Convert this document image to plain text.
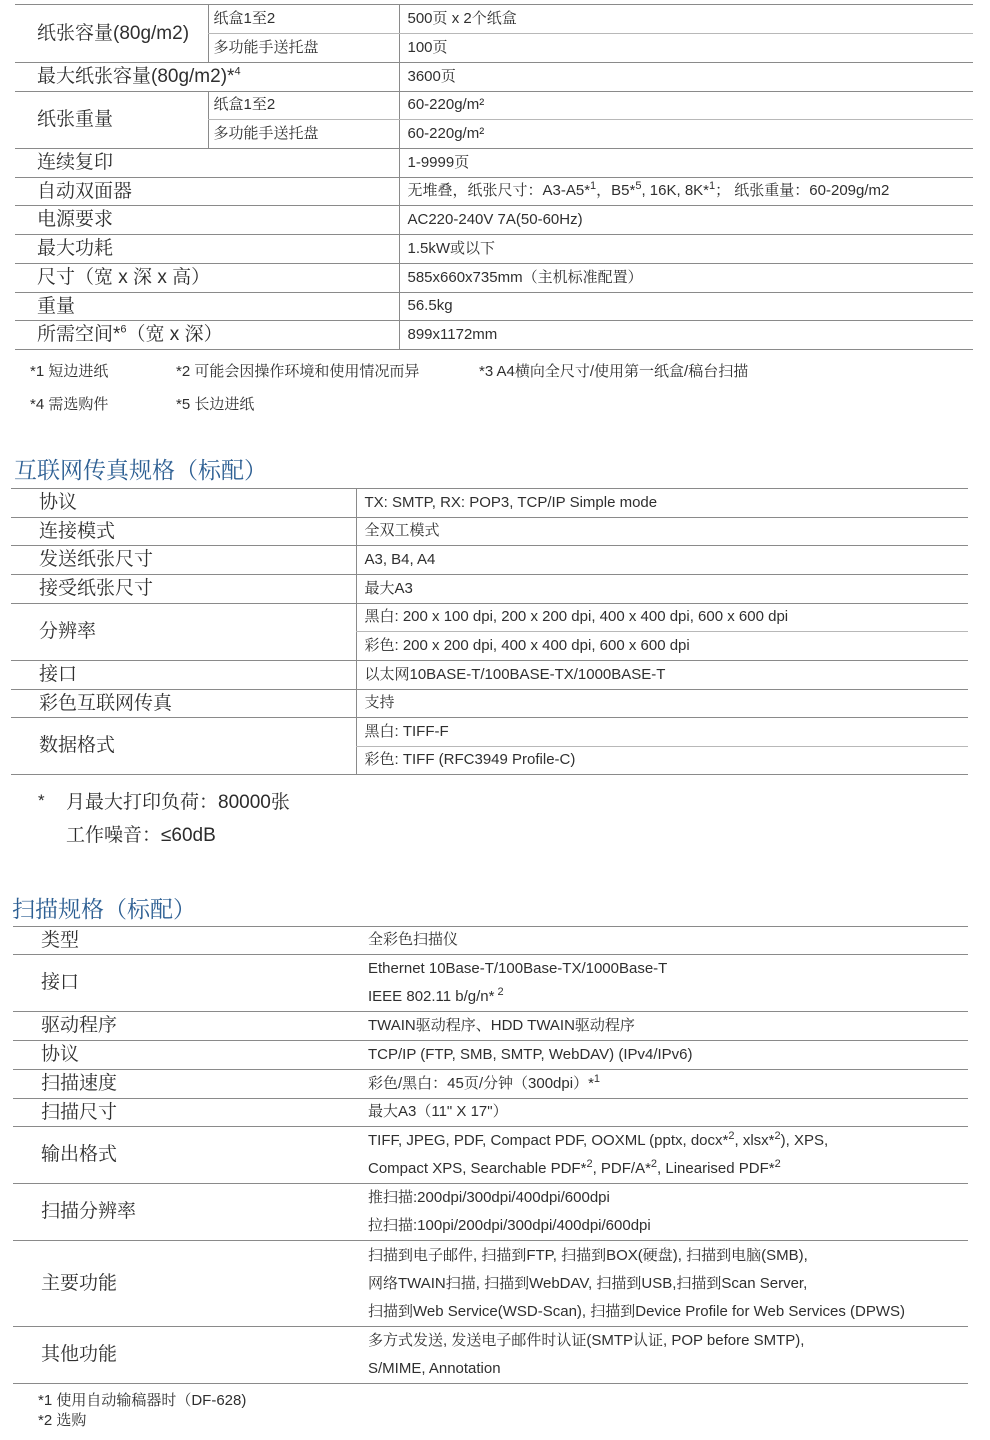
纸张容量(80g/m2)	纸盒1至2	500页 x 2个纸盒
	多功能手送托盘	100页
最大纸张容量(80g/m2)*$^4$		3600页
纸张重量	纸盒1至2	60-220g/m²
	多功能手送托盘	60-220g/m²
连续复印		1-9999页
自动双面器		无堆叠，纸张尺寸：A3-A5*$^1$，B5*$^5$, 16K, 8K*$^1$； 纸张重量：60-209g/m2
电源要求		AC220-240V 7A(50-60Hz)
最大功耗		1.5kW或以下
尺寸（宽 x 深 x 高）		585x660x735mm（主机标准配置）
重量		56.5kg
所需空间*$^6$（宽 x 深）		899x1172mm
*1 短边进纸	*2 可能会因操作环境和使用情况而异	*3 A4横向全尺寸/使用第一纸盒/稿台扫描
*4 需选购件	*5 长边进纸
互联网传真规格（标配）
协议	TX: SMTP, RX: POP3, TCP/IP Simple mode
连接模式	全双工模式
发送纸张尺寸	A3, B4, A4
接受纸张尺寸	最大A3
分辨率	黑白: 200 x 100 dpi, 200 x 200 dpi, 400 x 400 dpi, 600 x 600 dpi
	彩色: 200 x 200 dpi, 400 x 400 dpi, 600 x 600 dpi
接口	以太网10BASE-T/100BASE-TX/1000BASE-T
彩色互联网传真	支持
数据格式	黑白: TIFF-F
	彩色: TIFF (RFC3949 Profile-C)
* 月最大打印负荷：80000张
工作噪音：≤60dB
扫描规格（标配）
类型	全彩色扫描仪
接口	Ethernet 10Base-T/100Base-TX/1000Base-T
IEEE 802.11 b/g/n* $^2$

驱动程序	TWAIN驱动程序、HDD TWAIN驱动程序
协议	TCP/IP (FTP, SMB, SMTP, WebDAV) (IPv4/IPv6)
扫描速度	彩色/黑白：45页/分钟（300dpi）*$^1$
扫描尺寸	最大A3（11" X 17"）
输出格式	TIFF, JPEG, PDF, Compact PDF, OOXML (pptx, docx*$^2$, xlsx*$^2$), XPS,
Compact XPS, Searchable PDF*$^2$, PDF/A*$^2$, Linearised PDF*$^2$

扫描分辨率	推扫描:200dpi/300dpi/400dpi/600dpi
拉扫描:100pi/200dpi/300dpi/400dpi/600dpi

主要功能	扫描到电子邮件, 扫描到FTP, 扫描到BOX(硬盘), 扫描到电脑(SMB),
网络TWAIN扫描, 扫描到WebDAV, 扫描到USB,扫描到Scan Server,
扫描到Web Service(WSD-Scan), 扫描到Device Profile for Web Services (DPWS)

其他功能	多方式发送, 发送电子邮件时认证(SMTP认证, POP before SMTP),
S/MIME, Annotation
*1 使用自动输稿器时（DF-628)
*2 选购
